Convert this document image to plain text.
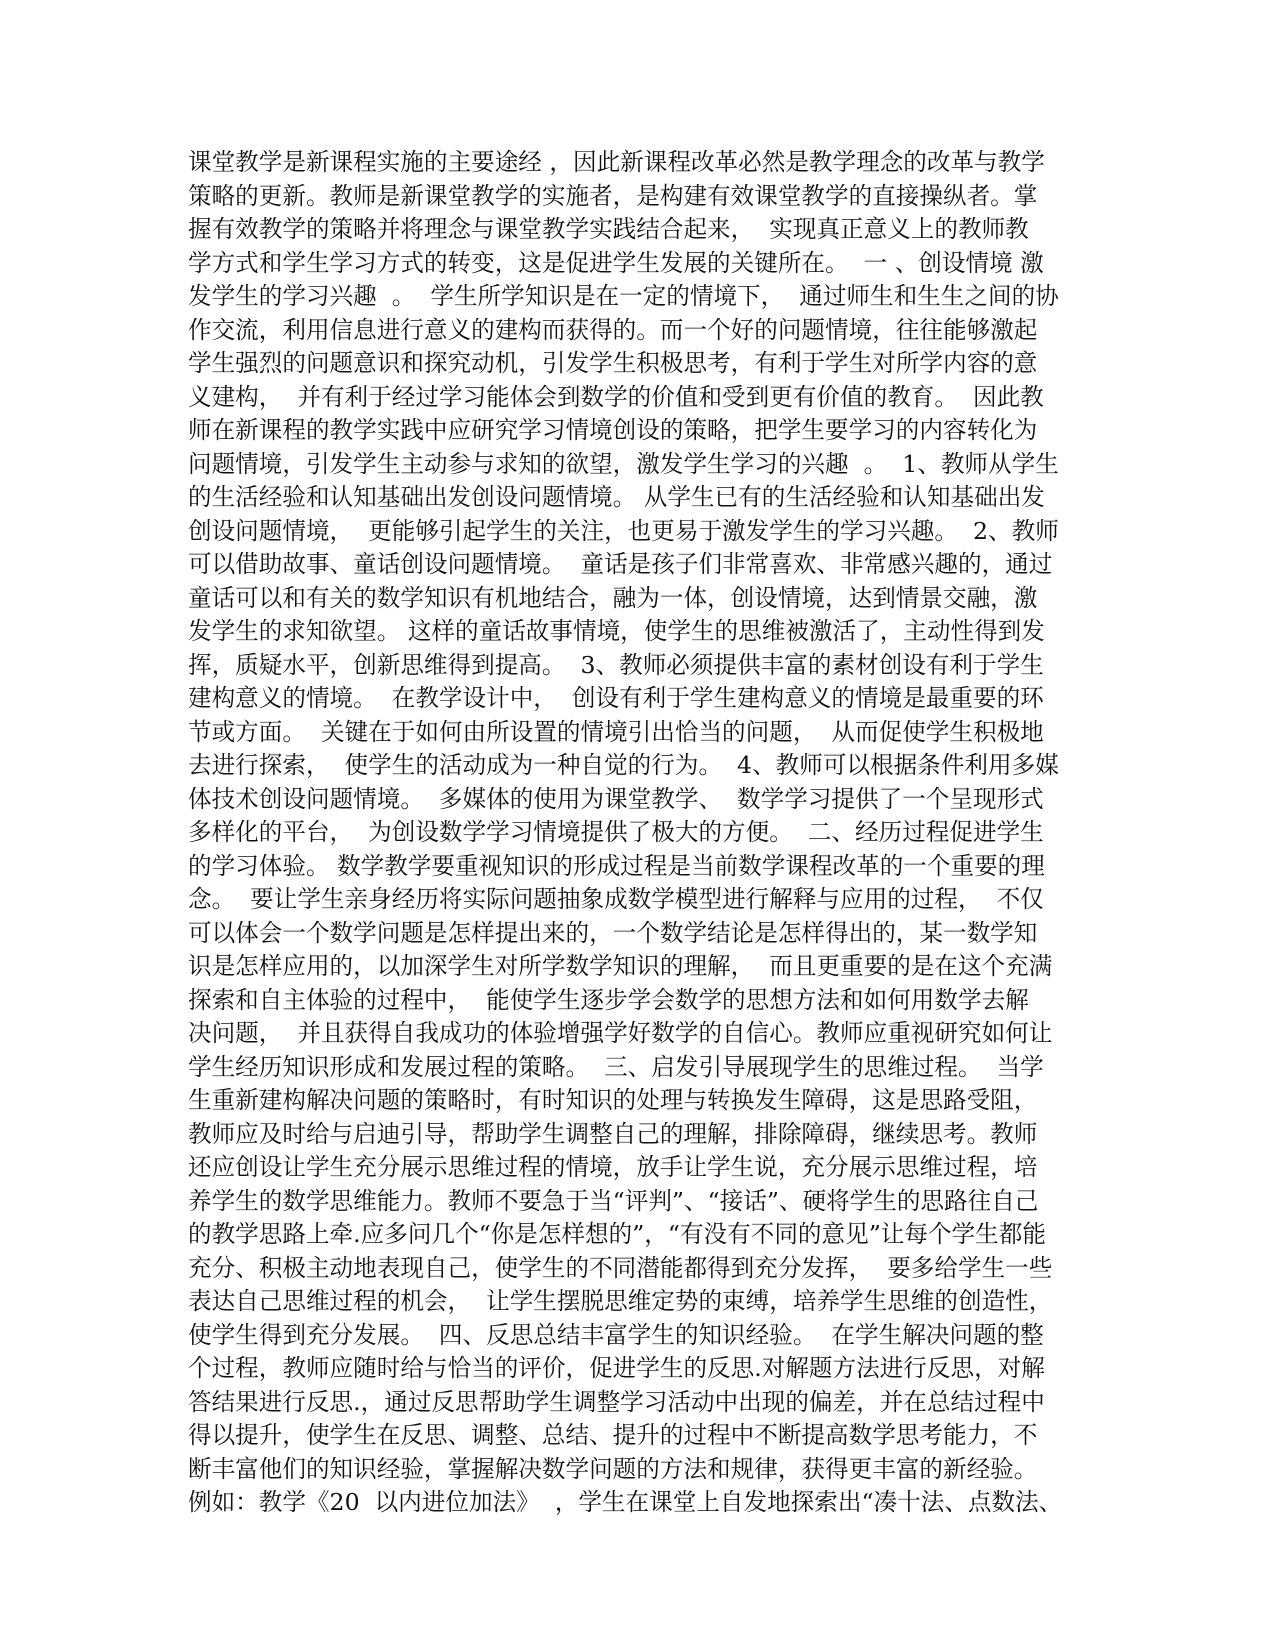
课堂教学是新课程实施的主要途经 ，因此新课程改革必然是教学理念的改革与教学
策略的更新。教师是新课堂教学的实施者，是构建有效课堂教学的直接操纵者。掌
握有效教学的策略并将理念与课堂教学实践结合起来，  实现真正意义上的教师教
学方式和学生学习方式的转变，这是促进学生发展的关键所在。  一 、创设情境 激
发学生的学习兴趣  。  学生所学知识是在一定的情境下，  通过师生和生生之间的协
作交流，利用信息进行意义的建构而获得的。而一个好的问题情境，往往能够激起
学生强烈的问题意识和探究动机，引发学生积极思考，有利于学生对所学内容的意
义建构，  并有利于经过学习能体会到数学的价值和受到更有价值的教育。  因此教
师在新课程的教学实践中应研究学习情境创设的策略，把学生要学习的内容转化为
问题情境，引发学生主动参与求知的欲望，激发学生学习的兴趣  。  1、教师从学生
的生活经验和认知基础出发创设问题情境。 从学生已有的生活经验和认知基础出发
创设问题情境，  更能够引起学生的关注，也更易于激发学生的学习兴趣。  2、教师
可以借助故事、童话创设问题情境。  童话是孩子们非常喜欢、非常感兴趣的，通过
童话可以和有关的数学知识有机地结合，融为一体，创设情境，达到情景交融，激
发学生的求知欲望。 这样的童话故事情境，使学生的思维被激活了，主动性得到发
挥，质疑水平，创新思维得到提高。  3、教师必须提供丰富的素材创设有利于学生
建构意义的情境。  在教学设计中，  创设有利于学生建构意义的情境是最重要的环
节或方面。  关键在于如何由所设置的情境引出恰当的问题，  从而促使学生积极地
去进行探索，  使学生的活动成为一种自觉的行为。  4、教师可以根据条件利用多媒
体技术创设问题情境。  多媒体的使用为课堂教学、  数学学习提供了一个呈现形式
多样化的平台，  为创设数学学习情境提供了极大的方便。  二、经历过程促进学生
的学习体验。 数学教学要重视知识的形成过程是当前数学课程改革的一个重要的理
念。  要让学生亲身经历将实际问题抽象成数学模型进行解释与应用的过程，  不仅
可以体会一个数学问题是怎样提出来的，一个数学结论是怎样得出的，某一数学知
识是怎样应用的，以加深学生对所学数学知识的理解，  而且更重要的是在这个充满
探索和自主体验的过程中，  能使学生逐步学会数学的思想方法和如何用数学去解
决问题，  并且获得自我成功的体验增强学好数学的自信心。教师应重视研究如何让
学生经历知识形成和发展过程的策略。  三、启发引导展现学生的思维过程。  当学
生重新建构解决问题的策略时，有时知识的处理与转换发生障碍，这是思路受阻，
教师应及时给与启迪引导，帮助学生调整自己的理解，排除障碍，继续思考。教师
还应创设让学生充分展示思维过程的情境，放手让学生说，充分展示思维过程，培
养学生的数学思维能力。教师不要急于当“评判”、“接话”、硬将学生的思路往自己
的教学思路上牵.应多问几个“你是怎样想的”，“有没有不同的意见”让每个学生都能
充分、积极主动地表现自己，使学生的不同潜能都得到充分发挥，  要多给学生一些
表达自己思维过程的机会，  让学生摆脱思维定势的束缚，培养学生思维的创造性，
使学生得到充分发展。  四、反思总结丰富学生的知识经验。  在学生解决问题的整
个过程，教师应随时给与恰当的评价，促进学生的反思.对解题方法进行反思，对解
答结果进行反思.，通过反思帮助学生调整学习活动中出现的偏差，并在总结过程中
得以提升，使学生在反思、调整、总结、提升的过程中不断提高数学思考能力，不
断丰富他们的知识经验，掌握解决数学问题的方法和规律，获得更丰富的新经验。
例如：教学《20  以内进位加法》  ，学生在课堂上自发地探索出“凑十法、点数法、
